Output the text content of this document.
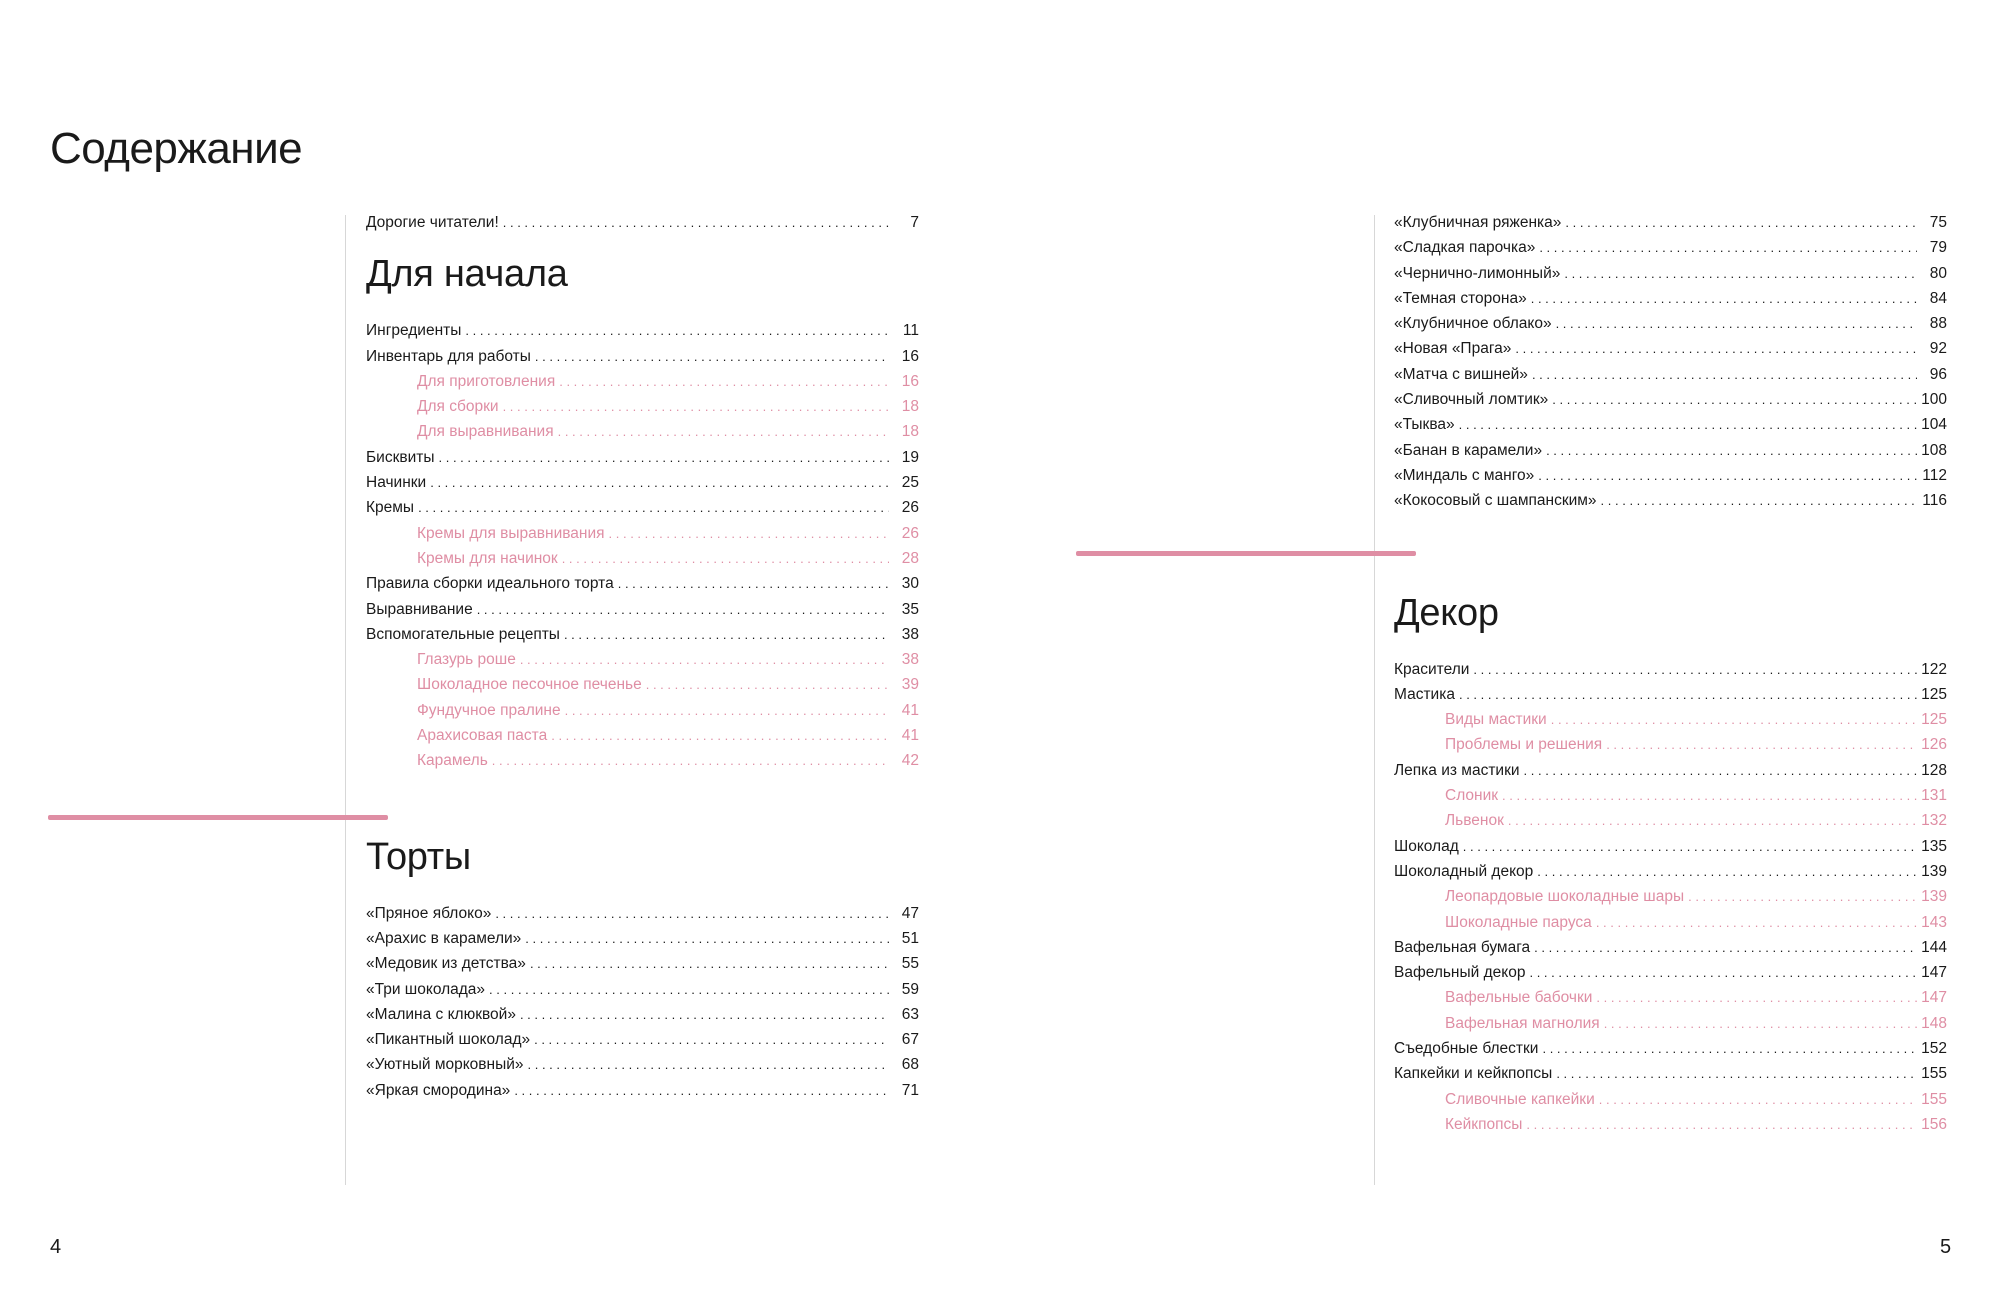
Содержание
Дорогие читатели! . . .	7
Для начала
Ингредиенты . . .	11
Инвентарь для работы . . .	16
Для приготовления . . .	16
Для сборки . . .	18
Для выравнивания . . .	18
Бисквиты . . .	19
Начинки . . .	25
Кремы . . .	26
Кремы для выравнивания . . .	26
Кремы для начинок . . .	28
Правила сборки идеального торта . . .	30
Выравнивание . . .	35
Вспомогательные рецепты . . .	38
Глазурь роше . . .	38
Шоколадное песочное печенье . . .	39
Фундучное пралине . . .	41
Арахисовая паста . . .	41
Карамель . . .	42
Торты
«Пряное яблоко» . . .	47
«Арахис в карамели» . . .	51
«Медовик из детства» . . .	55
«Три шоколада» . . .	59
«Малина с клюквой» . . .	63
«Пикантный шоколад» . . .	67
«Уютный морковный» . . .	68
«Яркая смородина» . . .	71
«Клубничная ряженка» . . .	75
«Сладкая парочка» . . .	79
«Чернично-лимонный» . . .	80
«Темная сторона» . . .	84
«Клубничное облако» . . .	88
«Новая «Прага» . . .	92
«Матча с вишней» . . .	96
«Сливочный ломтик» . . .	100
«Тыква» . . .	104
«Банан в карамели» . . .	108
«Миндаль с манго» . . .	112
«Кокосовый с шампанским» . . .	116
Декор
Красители . . .	122
Мастика . . .	125
Виды мастики . . .	125
Проблемы и решения . . .	126
Лепка из мастики . . .	128
Слоник . . .	131
Львенок . . .	132
Шоколад . . .	135
Шоколадный декор . . .	139
Леопардовые шоколадные шары . . .	139
Шоколадные паруса . . .	143
Вафельная бумага . . .	144
Вафельный декор . . .	147
Вафельные бабочки . . .	147
Вафельная магнолия . . .	148
Съедобные блестки . . .	152
Капкейки и кейкпопсы . . .	155
Сливочные капкейки . . .	155
Кейкпопсы . . .	156
4	5
